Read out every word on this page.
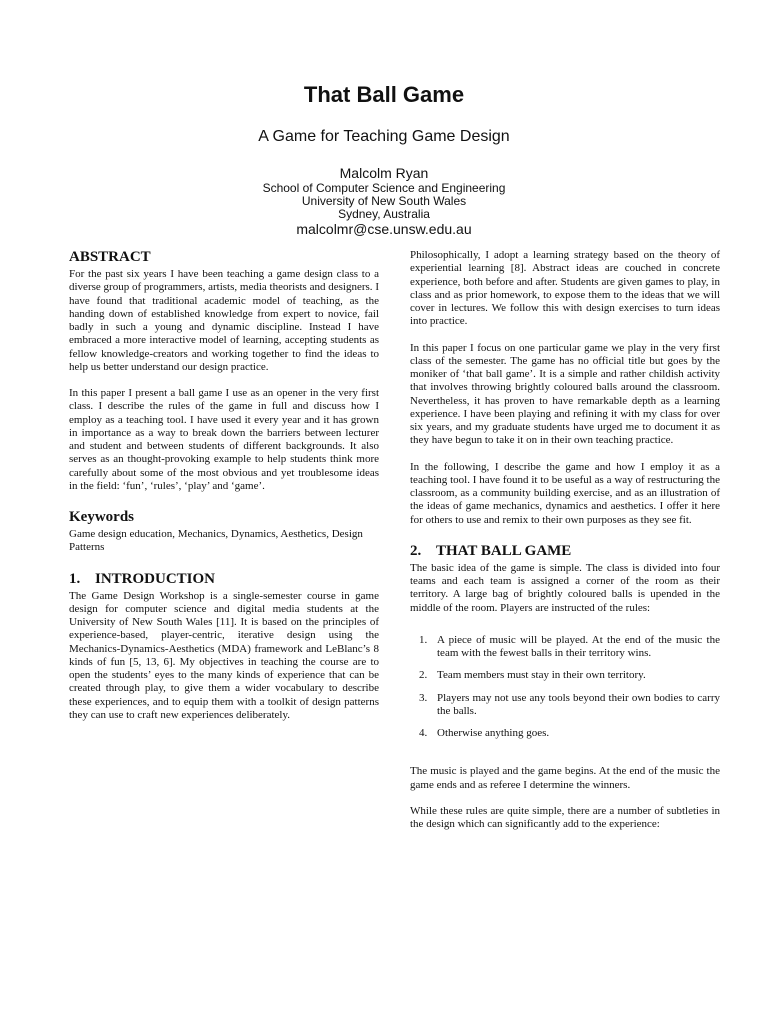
That Ball Game
A Game for Teaching Game Design
Malcolm Ryan
School of Computer Science and Engineering
University of New South Wales
Sydney, Australia
malcolmr@cse.unsw.edu.au
ABSTRACT

For the past six years I have been teaching a game design class to a diverse group of programmers, artists, media theorists and designers. I have found that traditional academic model of teaching, as the handing down of established knowledge from expert to novice, fail badly in such a young and dynamic discipline. Instead I have embraced a more interactive model of learning, accepting students as fellow knowledge-creators and working together to find the ideas to help us better understand our design practice.

In this paper I present a ball game I use as an opener in the very first class. I describe the rules of the game in full and discuss how I employ as a teaching tool. I have used it every year and it has grown in importance as a way to break down the barriers between lecturer and student and between students of different backgrounds. It also serves as an thought-provoking example to help students think more carefully about some of the most obvious and yet troublesome ideas in the field: ‘fun’, ‘rules’, ‘play’ and ‘game’.

Keywords

Game design education, Mechanics, Dynamics, Aesthetics, Design Patterns

1. INTRODUCTION

The Game Design Workshop is a single-semester course in game design for computer science and digital media students at the University of New South Wales [11]. It is based on the principles of experience-based, player-centric, iterative design using the Mechanics-Dynamics-Aesthetics (MDA) framework and LeBlanc’s 8 kinds of fun [5, 13, 6]. My objectives in teaching the course are to open the students’ eyes to the many kinds of experience that can be created through play, to give them a wider vocabulary to describe these experiences, and to equip them with a toolkit of design patterns they can use to craft new experiences deliberately.

Philosophically, I adopt a learning strategy based on the theory of experiential learning [8]. Abstract ideas are couched in concrete experience, both before and after. Students are given games to play, in class and as prior homework, to expose them to the ideas that we will cover in lectures. We follow this with design exercises to turn ideas into practice.

In this paper I focus on one particular game we play in the very first class of the semester. The game has no official title but goes by the moniker of ‘that ball game’. It is a simple and rather childish activity that involves throwing brightly coloured balls around the classroom. Nevertheless, it has proven to have remarkable depth as a learning experience. I have been playing and refining it with my class for over six years, and my graduate students have urged me to document it as they have begun to take it on in their own teaching practice.

In the following, I describe the game and how I employ it as a teaching tool. I have found it to be useful as a way of restructuring the classroom, as a community building exercise, and as an illustration of the ideas of game mechanics, dynamics and aesthetics. I offer it here for others to use and remix to their own purposes as they see fit.

2. THAT BALL GAME

The basic idea of the game is simple. The class is divided into four teams and each team is assigned a corner of the room as their territory. A large bag of brightly coloured balls is upended in the middle of the room. Players are instructed of the rules:

1. A piece of music will be played. At the end of the music the team with the fewest balls in their territory wins.
2. Team members must stay in their own territory.
3. Players may not use any tools beyond their own bodies to carry the balls.
4. Otherwise anything goes.

The music is played and the game begins. At the end of the music the game ends and as referee I determine the winners.

While these rules are quite simple, there are a number of subtleties in the design which can significantly add to the experience:
